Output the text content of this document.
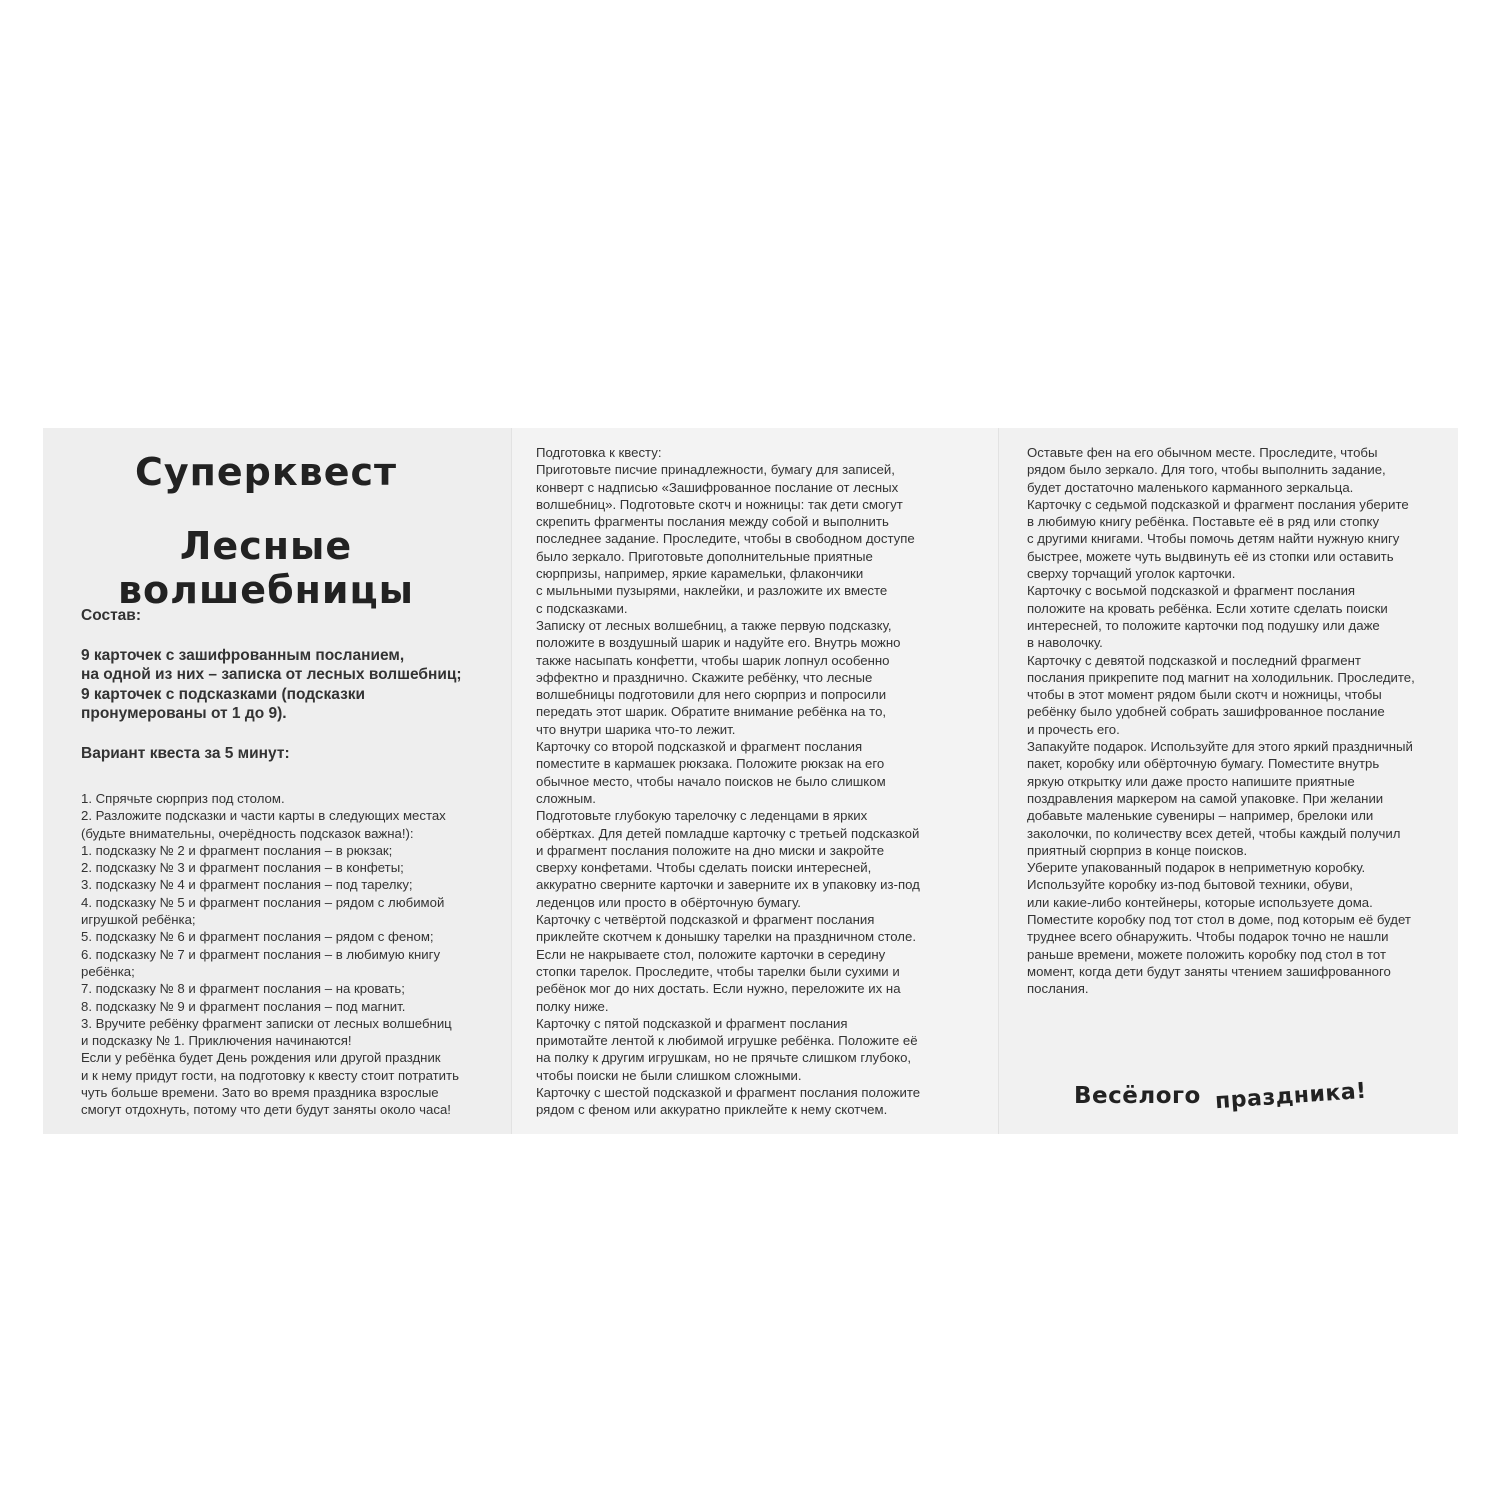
Суперквест
Лесные волшебницы
Состав:
9 карточек с зашифрованным посланием,
на одной из них – записка от лесных волшебниц;
9 карточек с подсказками (подсказки
пронумерованы от 1 до 9).
Вариант квеста за 5 минут:
1. Спрячьте сюрприз под столом.
2. Разложите подсказки и части карты в следующих местах
(будьте внимательны, очерёдность подсказок важна!):
1. подсказку № 2 и фрагмент послания – в рюкзак;
2. подсказку № 3 и фрагмент послания – в конфеты;
3. подсказку № 4 и фрагмент послания – под тарелку;
4. подсказку № 5 и фрагмент послания – рядом с любимой
игрушкой ребёнка;
5. подсказку № 6 и фрагмент послания – рядом с феном;
6. подсказку № 7 и фрагмент послания – в любимую книгу
ребёнка;
7. подсказку № 8 и фрагмент послания – на кровать;
8. подсказку № 9 и фрагмент послания – под магнит.
3. Вручите ребёнку фрагмент записки от лесных волшебниц
и подсказку № 1. Приключения начинаются!
Если у ребёнка будет День рождения или другой праздник
и к нему придут гости, на подготовку к квесту стоит потратить
чуть больше времени. Зато во время праздника взрослые
смогут отдохнуть, потому что дети будут заняты около часа!
Подготовка к квесту:
Приготовьте писчие принадлежности, бумагу для записей,
конверт с надписью «Зашифрованное послание от лесных
волшебниц». Подготовьте скотч и ножницы: так дети смогут
скрепить фрагменты послания между собой и выполнить
последнее задание. Проследите, чтобы в свободном доступе
было зеркало. Приготовьте дополнительные приятные
сюрпризы, например, яркие карамельки, флакончики
с мыльными пузырями, наклейки, и разложите их вместе
с подсказками.
Записку от лесных волшебниц, а также первую подсказку,
положите в воздушный шарик и надуйте его. Внутрь можно
также насыпать конфетти, чтобы шарик лопнул особенно
эффектно и празднично. Скажите ребёнку, что лесные
волшебницы подготовили для него сюрприз и попросили
передать этот шарик. Обратите внимание ребёнка на то,
что внутри шарика что-то лежит.
Карточку со второй подсказкой и фрагмент послания
поместите в кармашек рюкзака. Положите рюкзак на его
обычное место, чтобы начало поисков не было слишком
сложным.
Подготовьте глубокую тарелочку с леденцами в ярких
обёртках. Для детей помладше карточку с третьей подсказкой
и фрагмент послания положите на дно миски и закройте
сверху конфетами. Чтобы сделать поиски интересней,
аккуратно сверните карточки и заверните их в упаковку из-под
леденцов или просто в обёрточную бумагу.
Карточку с четвёртой подсказкой и фрагмент послания
приклейте скотчем к донышку тарелки на праздничном столе.
Если не накрываете стол, положите карточки в середину
стопки тарелок. Проследите, чтобы тарелки были сухими и
ребёнок мог до них достать. Если нужно, переложите их на
полку ниже.
Карточку с пятой подсказкой и фрагмент послания
примотайте лентой к любимой игрушке ребёнка. Положите её
на полку к другим игрушкам, но не прячьте слишком глубоко,
чтобы поиски не были слишком сложными.
Карточку с шестой подсказкой и фрагмент послания положите
рядом с феном или аккуратно приклейте к нему скотчем.
Оставьте фен на его обычном месте. Проследите, чтобы
рядом было зеркало. Для того, чтобы выполнить задание,
будет достаточно маленького карманного зеркальца.
Карточку с седьмой подсказкой и фрагмент послания уберите
в любимую книгу ребёнка. Поставьте её в ряд или стопку
с другими книгами. Чтобы помочь детям найти нужную книгу
быстрее, можете чуть выдвинуть её из стопки или оставить
сверху торчащий уголок карточки.
Карточку с восьмой подсказкой и фрагмент послания
положите на кровать ребёнка. Если хотите сделать поиски
интересней, то положите карточки под подушку или даже
в наволочку.
Карточку с девятой подсказкой и последний фрагмент
послания прикрепите под магнит на холодильник. Проследите,
чтобы в этот момент рядом были скотч и ножницы, чтобы
ребёнку было удобней собрать зашифрованное послание
и прочесть его.
Запакуйте подарок. Используйте для этого яркий праздничный
пакет, коробку или обёрточную бумагу. Поместите внутрь
яркую открытку или даже просто напишите приятные
поздравления маркером на самой упаковке. При желании
добавьте маленькие сувениры – например, брелоки или
заколочки, по количеству всех детей, чтобы каждый получил
приятный сюрприз в конце поисков.
Уберите упакованный подарок в неприметную коробку.
Используйте коробку из-под бытовой техники, обуви,
или какие-либо контейнеры, которые используете дома.
Поместите коробку под тот стол в доме, под которым её будет
труднее всего обнаружить. Чтобы подарок точно не нашли
раньше времени, можете положить коробку под стол в тот
момент, когда дети будут заняты чтением зашифрованного
послания.
Весёлого праздника!
